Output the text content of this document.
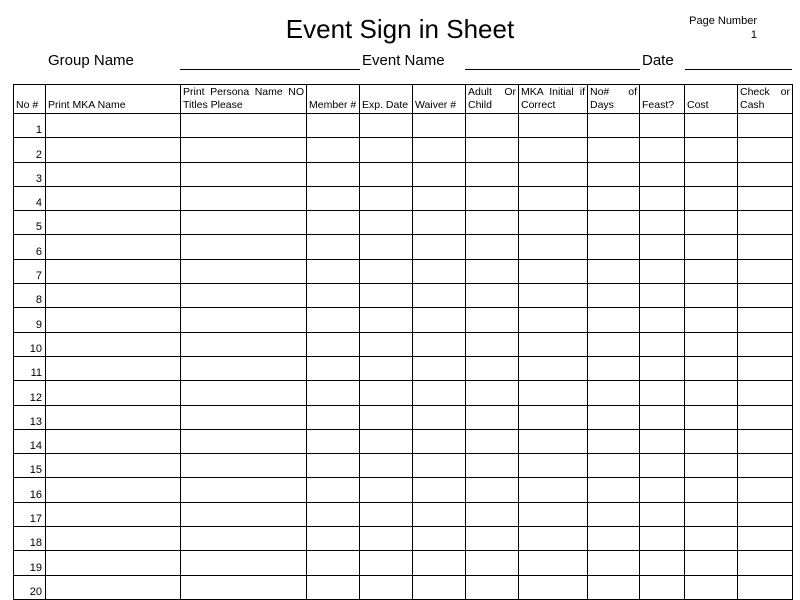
Event Sign in Sheet	Page Number
1
Group Name	Event Name	Date
No #	Print MKA Name	Print Persona Name NO Titles Please	Member #	Exp. Date	Waiver #	Adult Or Child	MKA Initial if Correct	No# of Days	Feast?	Cost	Check or Cash
1											
2											
3											
4											
5											
6											
7											
8											
9											
10											
11											
12											
13											
14											
15											
16											
17											
18											
19											
20											
